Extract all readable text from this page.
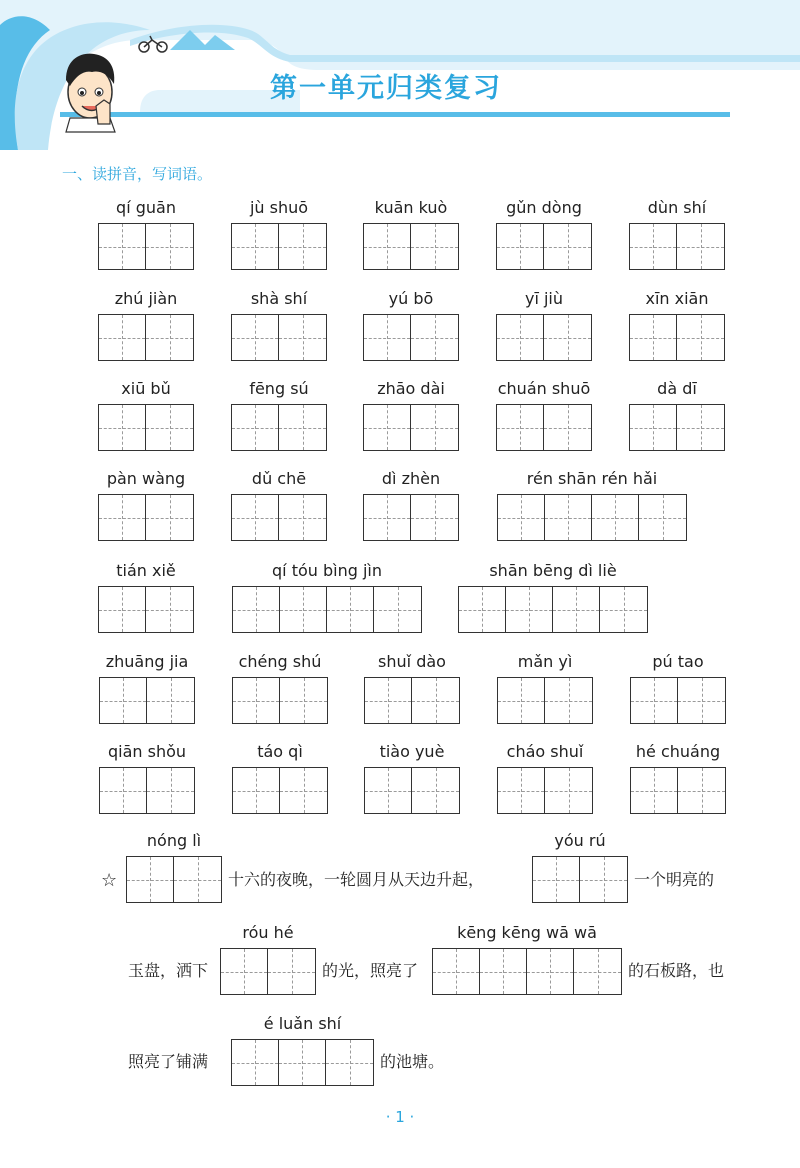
第一单元归类复习
一、读拼音，写词语。
qí guān	jù shuō	kuān kuò	gǔn dòng	dùn shí
zhú jiàn	shà shí	yú bō	yī jiù	xīn xiān
xiū bǔ	fēng sú	zhāo dài	chuán shuō	dà dī
pàn wàng	dǔ chē	dì zhèn	rén shān rén hǎi
tián xiě	qí tóu bìng jìn	shān bēng dì liè
zhuāng jia	chéng shú	shuǐ dào	mǎn yì	pú tao
qiān shǒu	táo qì	tiào yuè	cháo shuǐ	hé chuáng
☆
nóng lì
十六的夜晚，一轮圆月从天边升起，
yóu rú
一个明亮的
玉盘，洒下
róu hé
的光，照亮了
kēng kēng wā wā
的石板路，也
照亮了铺满
é luǎn shí
的池塘。
· 1 ·
